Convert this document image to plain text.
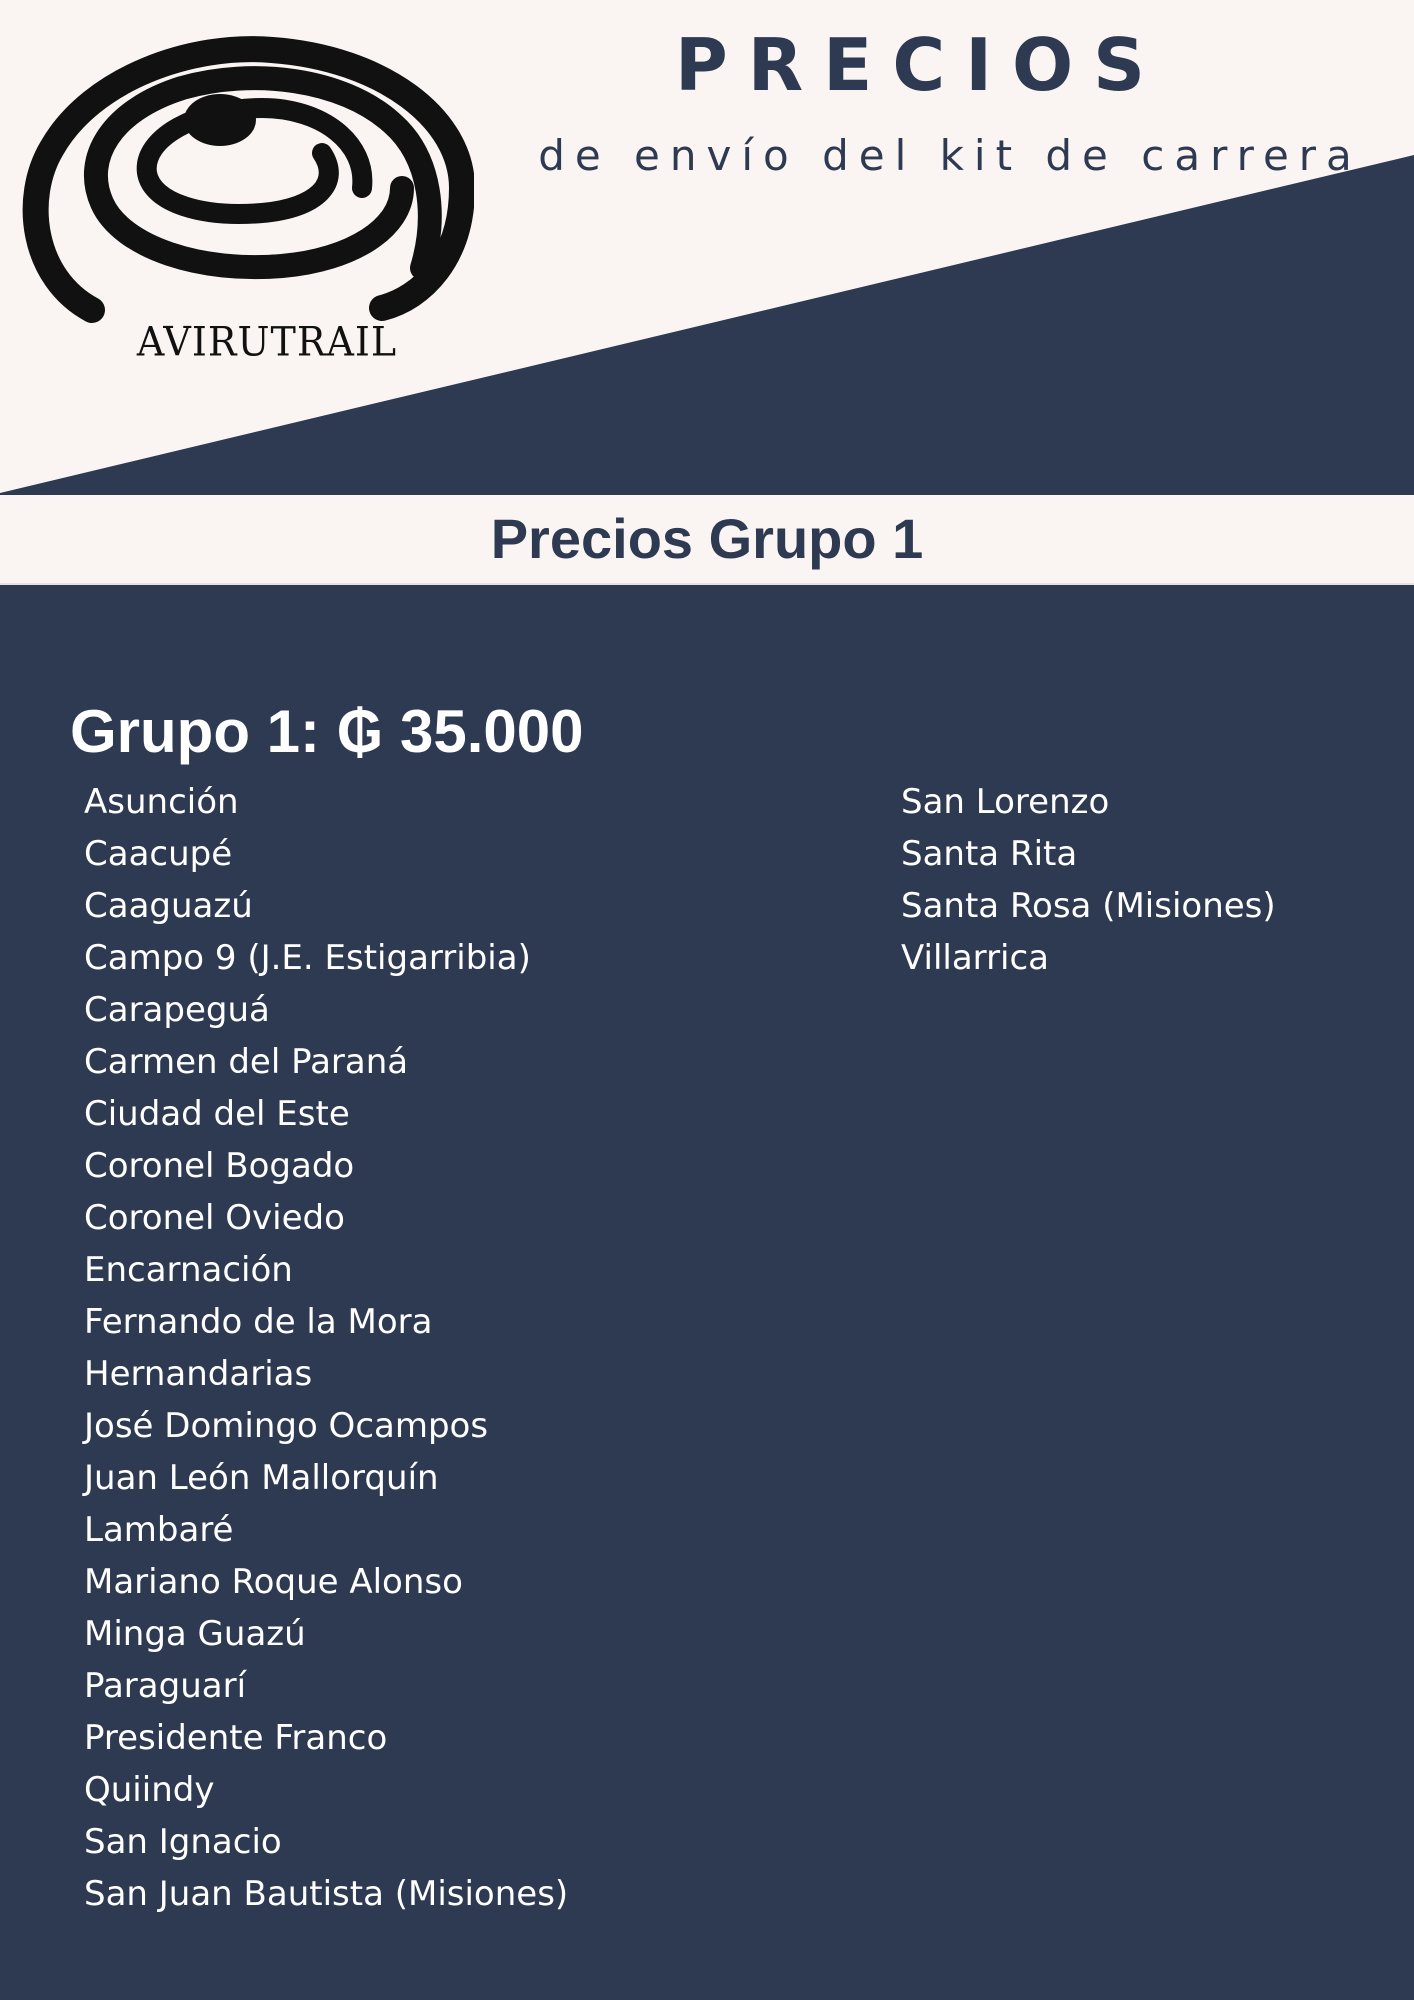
AVIRUTRAIL
PRECIOS
de envío del kit de carrera
Precios Grupo 1
Grupo 1: ₲ 35.000
Asunción
Caacupé
Caaguazú
Campo 9 (J.E. Estigarribia)
Carapeguá
Carmen del Paraná
Ciudad del Este
Coronel Bogado
Coronel Oviedo
Encarnación
Fernando de la Mora
Hernandarias
José Domingo Ocampos
Juan León Mallorquín
Lambaré
Mariano Roque Alonso
Minga Guazú
Paraguarí
Presidente Franco
Quiindy
San Ignacio
San Juan Bautista (Misiones)
San Lorenzo
Santa Rita
Santa Rosa (Misiones)
Villarrica
